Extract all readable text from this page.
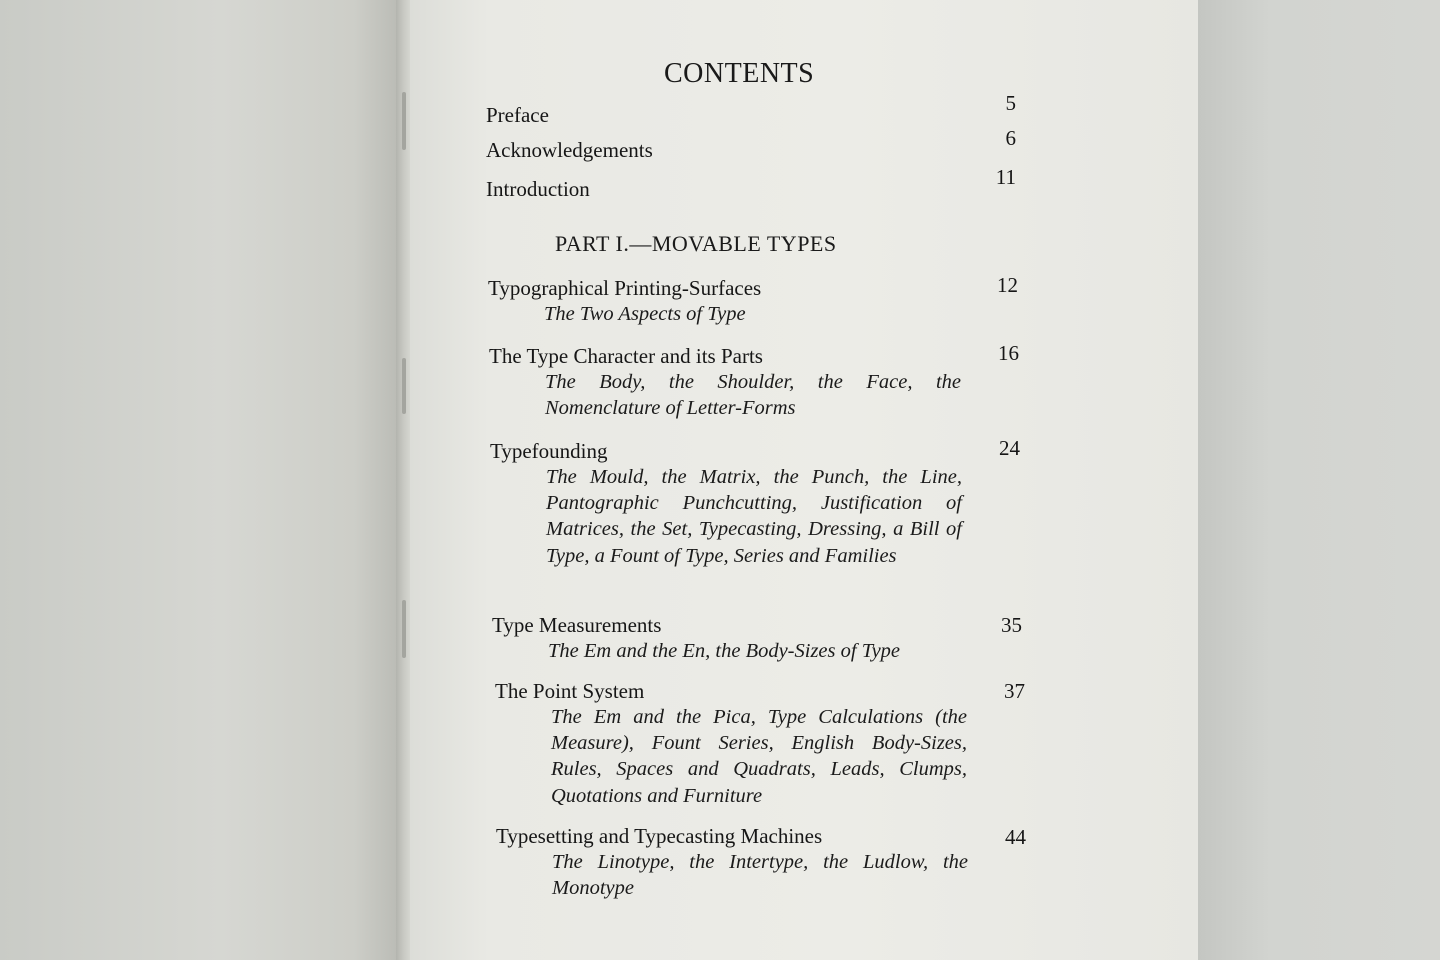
CONTENTS
Preface	5
Acknowledgements	6
Introduction	11
PART I.—MOVABLE TYPES
Typographical Printing-Surfaces	12
The Two Aspects of Type
The Type Character and its Parts	16
The Body, the Shoulder, the Face, the Nomenclature of Letter-Forms
Typefounding	24
The Mould, the Matrix, the Punch, the Line, Pantographic Punchcutting, Justification of Matrices, the Set, Typecasting, Dressing, a Bill of Type, a Fount of Type, Series and Families
Type Measurements	35
The Em and the En, the Body-Sizes of Type
The Point System	37
The Em and the Pica, Type Calculations (the Measure), Fount Series, English Body-Sizes, Rules, Spaces and Quadrats, Leads, Clumps, Quotations and Furniture
Typesetting and Typecasting Machines	44
The Linotype, the Intertype, the Ludlow, the Monotype
